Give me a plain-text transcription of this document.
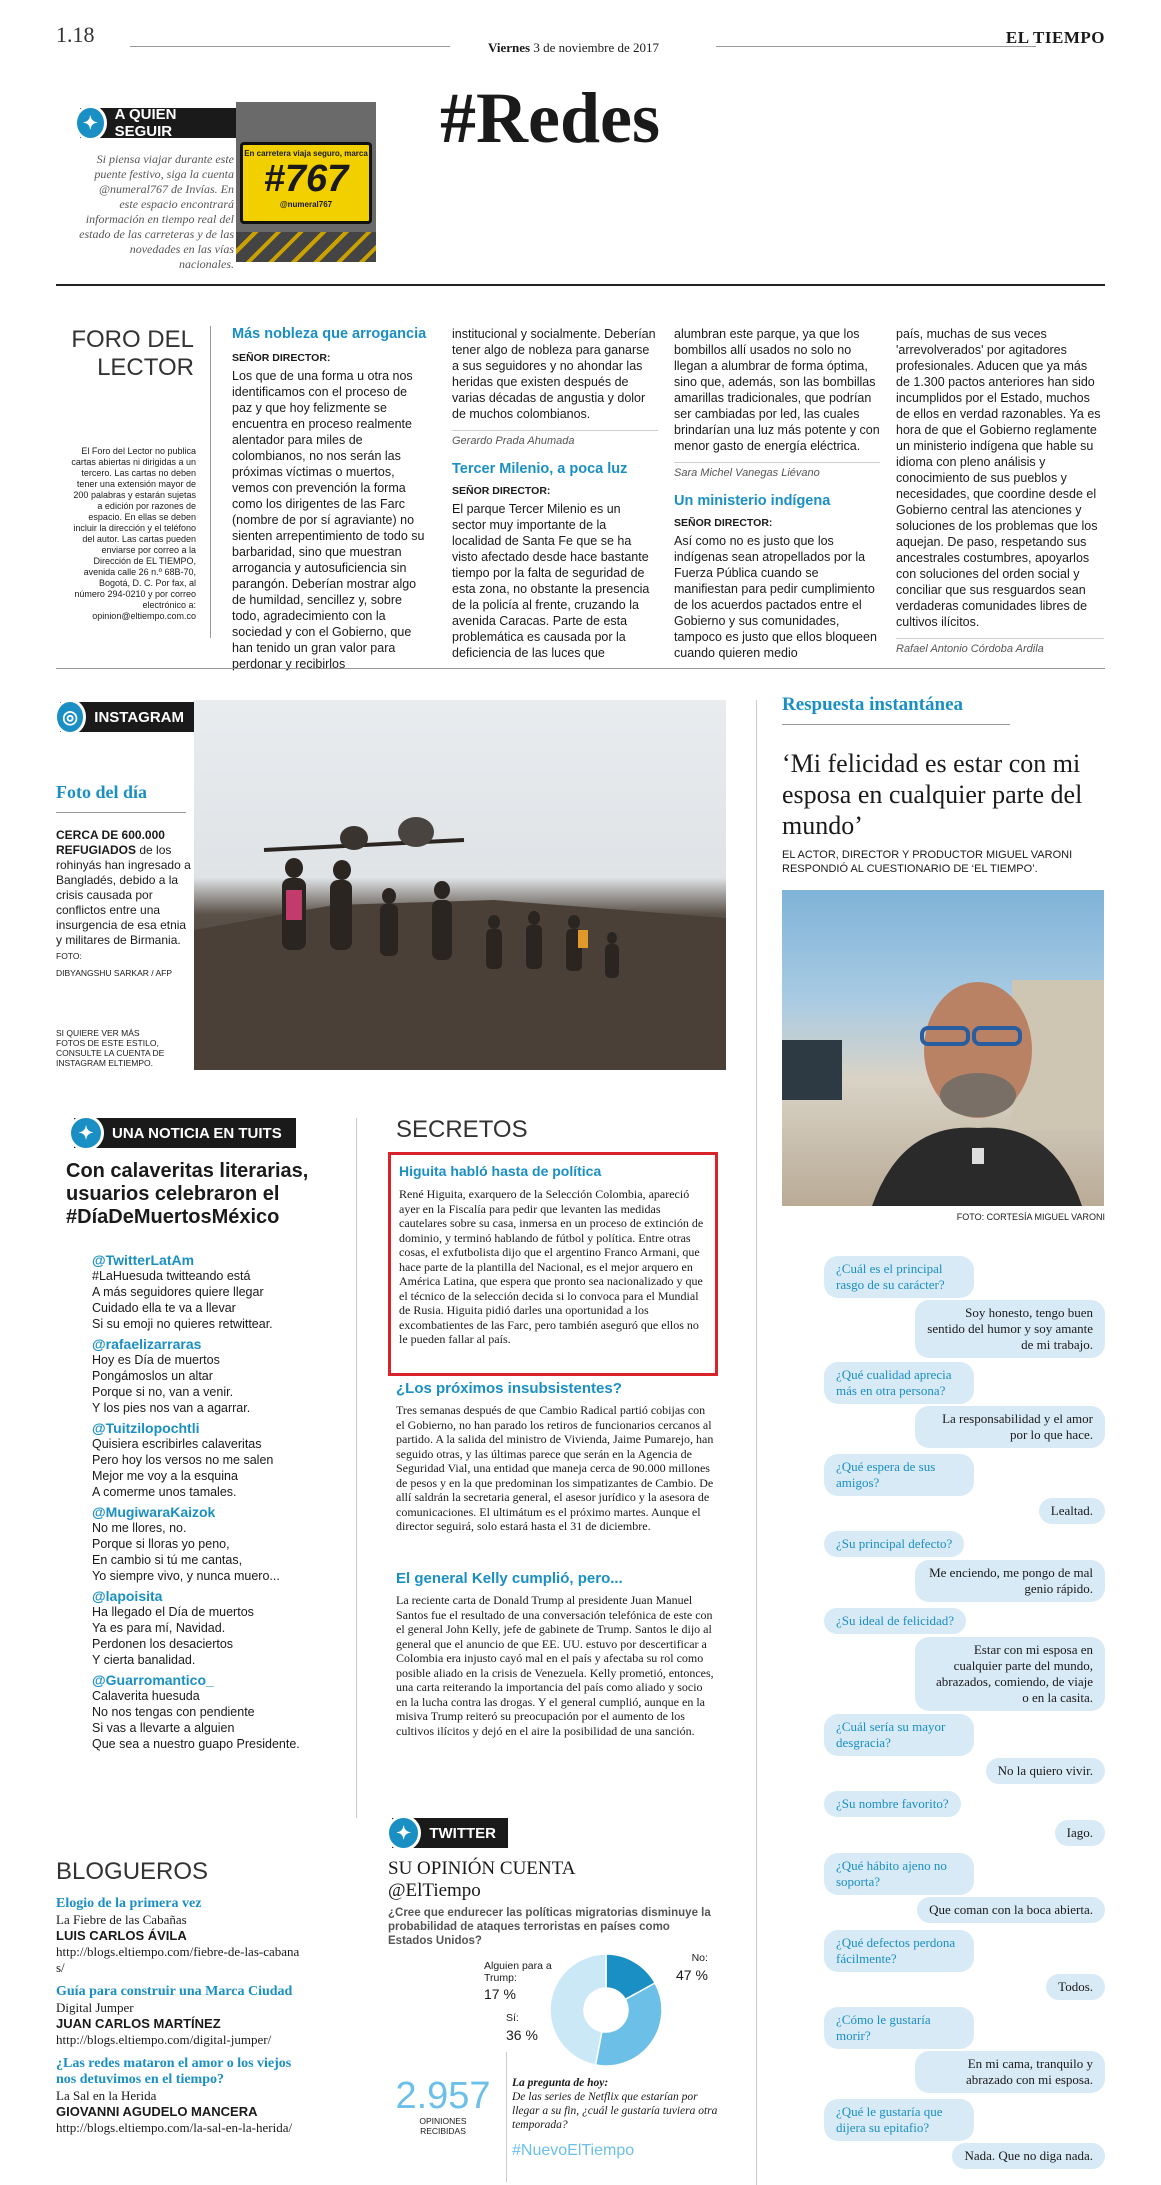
1.18
Viernes 3 de noviembre de 2017
EL TIEMPO
#Redes
✦	A QUIÉN SEGUIR
Si piensa viajar durante este puente festivo, siga la cuenta @numeral767 de Invías. En este espacio encontrará información en tiempo real del estado de las carreteras y de las novedades en las vías nacionales.
En carretera viaja seguro, marca
#767
@numeral767
FORO DEL
LECTOR
El Foro del Lector no publica cartas abiertas ni dirigidas a un tercero. Las cartas no deben tener una extensión mayor de 200 palabras y estarán sujetas a edición por razones de espacio. En ellas se deben incluir la dirección y el teléfono del autor. Las cartas pueden enviarse por correo a la Dirección de EL TIEMPO, avenida calle 26 n.º 68B-70, Bogotá, D. C. Por fax, al número 294-0210 y por correo electrónico a: opinion@eltiempo.com.co
Más nobleza que arrogancia
SEÑOR DIRECTOR:
Los que de una forma u otra nos identificamos con el proceso de paz y que hoy felizmente se encuentra en proceso realmente alentador para miles de colombianos, no nos serán las próximas víctimas o muertos, vemos con prevención la forma como los dirigentes de las Farc (nombre de por sí agraviante) no sienten arrepentimiento de todo su barbaridad, sino que muestran arrogancia y autosuficiencia sin parangón. Deberían mostrar algo de humildad, sencillez y, sobre todo, agradecimiento con la sociedad y con el Gobierno, que han tenido un gran valor para perdonar y recibirlos
institucional y socialmente. Deberían tener algo de nobleza para ganarse a sus seguidores y no ahondar las heridas que existen después de varias décadas de angustia y dolor de muchos colombianos.
Gerardo Prada Ahumada
Tercer Milenio, a poca luz
SEÑOR DIRECTOR:
El parque Tercer Milenio es un sector muy importante de la localidad de Santa Fe que se ha visto afectado desde hace bastante tiempo por la falta de seguridad de esta zona, no obstante la presencia de la policía al frente, cruzando la avenida Caracas. Parte de esta problemática es causada por la deficiencia de las luces que
alumbran este parque, ya que los bombillos allí usados no solo no llegan a alumbrar de forma óptima, sino que, además, son las bombillas amarillas tradicionales, que podrían ser cambiadas por led, las cuales brindarían una luz más potente y con menor gasto de energía eléctrica.
Sara Michel Vanegas Liévano
Un ministerio indígena
SEÑOR DIRECTOR:
Así como no es justo que los indígenas sean atropellados por la Fuerza Pública cuando se manifiestan para pedir cumplimiento de los acuerdos pactados entre el Gobierno y sus comunidades, tampoco es justo que ellos bloqueen cuando quieren medio
país, muchas de sus veces 'arrevolverados' por agitadores profesionales. Aducen que ya más de 1.300 pactos anteriores han sido incumplidos por el Estado, muchos de ellos en verdad razonables. Ya es hora de que el Gobierno reglamente un ministerio indígena que hable su idioma con pleno análisis y conocimiento de sus pueblos y necesidades, que coordine desde el Gobierno central las atenciones y soluciones de los problemas que los aquejan. De paso, respetando sus ancestrales costumbres, apoyarlos con soluciones del orden social y conciliar que sus resguardos sean verdaderas comunidades libres de cultivos ilícitos.
Rafael Antonio Córdoba Ardila
◎	INSTAGRAM
Foto del día
CERCA DE 600.000 REFUGIADOS de los rohinyás han ingresado a Bangladés, debido a la crisis causada por conflictos entre una insurgencia de esa etnia y militares de Birmania. FOTO:
DIBYANGSHU SARKAR / AFP
SI QUIERE VER MÁS FOTOS DE ESTE ESTILO, CONSULTE LA CUENTA DE INSTAGRAM ELTIEMPO.
Respuesta instantánea
‘Mi felicidad es estar con mi esposa en cualquier parte del mundo’
EL ACTOR, DIRECTOR Y PRODUCTOR MIGUEL VARONI RESPONDIÓ AL CUESTIONARIO DE ‘EL TIEMPO’.
FOTO: CORTESÍA MIGUEL VARONI
¿Cuál es el principal rasgo de su carácter?
Soy honesto, tengo buen sentido del humor y soy amante de mi trabajo.
¿Qué cualidad aprecia más en otra persona?
La responsabilidad y el amor por lo que hace.
¿Qué espera de sus amigos?
Lealtad.
¿Su principal defecto?
Me enciendo, me pongo de mal genio rápido.
¿Su ideal de felicidad?
Estar con mi esposa en cualquier parte del mundo, abrazados, comiendo, de viaje o en la casita.
¿Cuál sería su mayor desgracia?
No la quiero vivir.
¿Su nombre favorito?
Iago.
¿Qué hábito ajeno no soporta?
Que coman con la boca abierta.
¿Qué defectos perdona fácilmente?
Todos.
¿Cómo le gustaría morir?
En mi cama, tranquilo y abrazado con mi esposa.
¿Qué le gustaría que dijera su epitafio?
Nada. Que no diga nada.
✦	UNA NOTICIA EN TUITS
Con calaveritas literarias, usuarios celebraron el #DíaDeMuertosMéxico
@TwitterLatAm
#LaHuesuda twitteando está
A más seguidores quiere llegar
Cuidado ella te va a llevar
Si su emoji no quieres retwittear.
@rafaelizarraras
Hoy es Día de muertos
Pongámoslos un altar
Porque si no, van a venir.
Y los pies nos van a agarrar.
@Tuitzilopochtli
Quisiera escribirles calaveritas
Pero hoy los versos no me salen
Mejor me voy a la esquina
A comerme unos tamales.
@MugiwaraKaizok
No me llores, no.
Porque si lloras yo peno,
En cambio si tú me cantas,
Yo siempre vivo, y nunca muero...
@lapoisita
Ha llegado el Día de muertos
Ya es para mí, Navidad.
Perdonen los desaciertos
Y cierta banalidad.
@Guarromantico_
Calaverita huesuda
No nos tengas con pendiente
Si vas a llevarte a alguien
Que sea a nuestro guapo Presidente.
SECRETOS
Higuita habló hasta de política
René Higuita, exarquero de la Selección Colombia, apareció ayer en la Fiscalía para pedir que levanten las medidas cautelares sobre su casa, inmersa en un proceso de extinción de dominio, y terminó hablando de fútbol y política. Entre otras cosas, el exfutbolista dijo que el argentino Franco Armani, que hace parte de la plantilla del Nacional, es el mejor arquero en América Latina, que espera que pronto sea nacionalizado y que el técnico de la selección decida si lo convoca para el Mundial de Rusia. Higuita pidió darles una oportunidad a los excombatientes de las Farc, pero también aseguró que ellos no le pueden fallar al país.
¿Los próximos insubsistentes?
Tres semanas después de que Cambio Radical partió cobijas con el Gobierno, no han parado los retiros de funcionarios cercanos al partido. A la salida del ministro de Vivienda, Jaime Pumarejo, han seguido otras, y las últimas parece que serán en la Agencia de Seguridad Vial, una entidad que maneja cerca de 90.000 millones de pesos y en la que predominan los simpatizantes de Cambio. De allí saldrán la secretaria general, el asesor jurídico y la asesora de comunicaciones. El ultimátum es el próximo martes. Aunque el director seguirá, solo estará hasta el 31 de diciembre.
El general Kelly cumplió, pero...
La reciente carta de Donald Trump al presidente Juan Manuel Santos fue el resultado de una conversación telefónica de este con el general John Kelly, jefe de gabinete de Trump. Santos le dijo al general que el anuncio de que EE. UU. estuvo por descertificar a Colombia era injusto cayó mal en el país y afectaba su rol como posible aliado en la crisis de Venezuela. Kelly prometió, entonces, una carta reiterando la importancia del país como aliado y socio en la lucha contra las drogas. Y el general cumplió, aunque en la misiva Trump reiteró su preocupación por el aumento de los cultivos ilícitos y dejó en el aire la posibilidad de una sanción.
BLOGUEROS
Elogio de la primera vez
La Fiebre de las Cabañas
LUIS CARLOS ÁVILA
http://blogs.eltiempo.com/fiebre-de-las-cabanas/
Guía para construir una Marca Ciudad
Digital Jumper
JUAN CARLOS MARTÍNEZ
http://blogs.eltiempo.com/digital-jumper/
¿Las redes mataron el amor o los viejos nos detuvimos en el tiempo?
La Sal en la Herida
GIOVANNI AGUDELO MANCERA
http://blogs.eltiempo.com/la-sal-en-la-herida/
✦	TWITTER
SU OPINIÓN CUENTA
@ElTiempo
¿Cree que endurecer las políticas migratorias disminuye la probabilidad de ataques terroristas en países como Estados Unidos?
Alguien para a Trump:
17 %
Sí:
36 %
No:
47 %
2.957
OPINIONES
RECIBIDAS
La pregunta de hoy:
De las series de Netflix que estarían por llegar a su fin, ¿cuál le gustaría tuviera otra temporada?
#NuevoElTiempo
